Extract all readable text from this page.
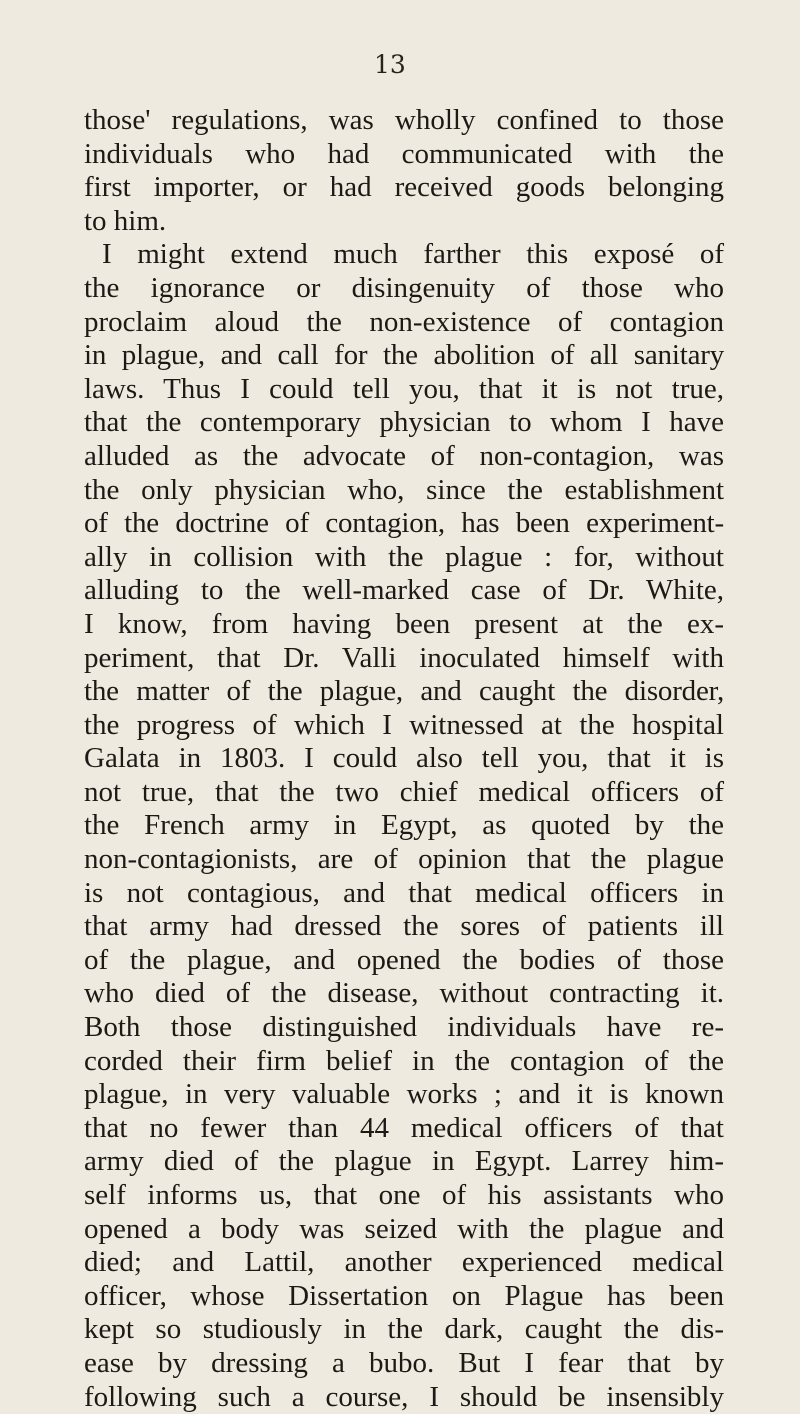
13
those' regulations, was wholly confined to those
individuals who had communicated with the
first importer, or had received goods belonging
to him.
I might extend much farther this exposé of
the ignorance or disingenuity of those who
proclaim aloud the non-existence of contagion
in plague, and call for the abolition of all sanitary
laws. Thus I could tell you, that it is not true,
that the contemporary physician to whom I have
alluded as the advocate of non-contagion, was
the only physician who, since the establishment
of the doctrine of contagion, has been experiment-
ally in collision with the plague : for, without
alluding to the well-marked case of Dr. White,
I know, from having been present at the ex-
periment, that Dr. Valli inoculated himself with
the matter of the plague, and caught the disorder,
the progress of which I witnessed at the hospital
Galata in 1803. I could also tell you, that it is
not true, that the two chief medical officers of
the French army in Egypt, as quoted by the
non-contagionists, are of opinion that the plague
is not contagious, and that medical officers in
that army had dressed the sores of patients ill
of the plague, and opened the bodies of those
who died of the disease, without contracting it.
Both those distinguished individuals have re-
corded their firm belief in the contagion of the
plague, in very valuable works ; and it is known
that no fewer than 44 medical officers of that
army died of the plague in Egypt. Larrey him-
self informs us, that one of his assistants who
opened a body was seized with the plague and
died; and Lattil, another experienced medical
officer, whose Dissertation on Plague has been
kept so studiously in the dark, caught the dis-
ease by dressing a bubo. But I fear that by
following such a course, I should be insensibly
